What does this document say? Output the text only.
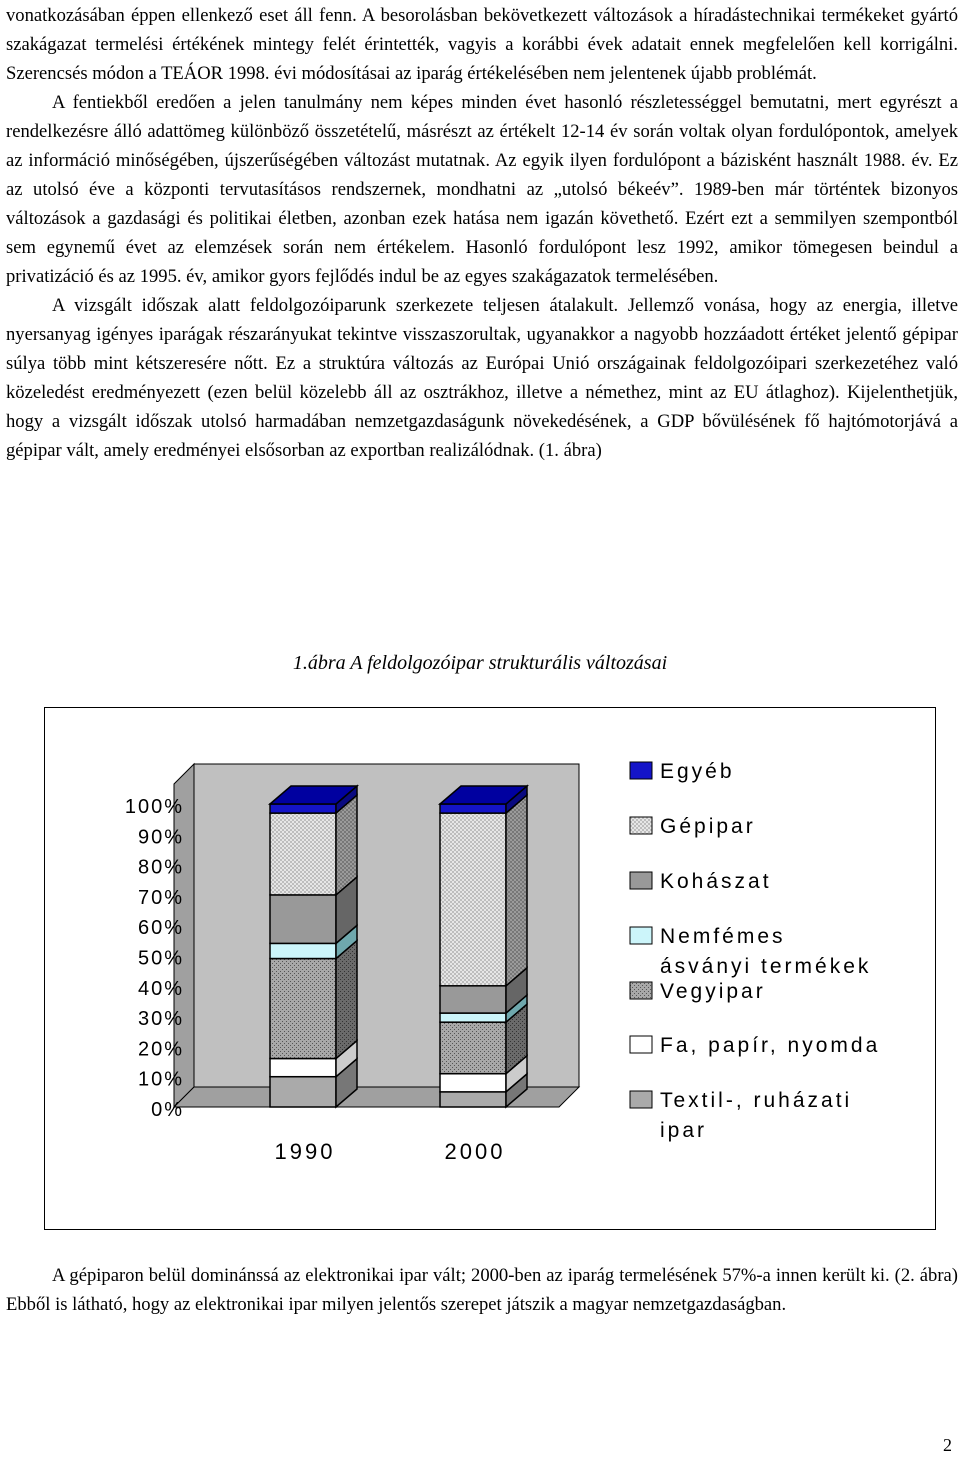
vonatkozásában éppen ellenkező eset áll fenn. A besorolásban bekövetkezett változások a híradástechnikai termékeket gyártó szakágazat termelési értékének mintegy felét érintették, vagyis a korábbi évek adatait ennek megfelelően kell korrigálni. Szerencsés módon a TEÁOR 1998. évi módosításai az iparág értékelésében nem jelentenek újabb problémát.

A fentiekből eredően a jelen tanulmány nem képes minden évet hasonló részletességgel bemutatni, mert egyrészt a rendelkezésre álló adattömeg különböző összetételű, másrészt az értékelt 12-14 év során voltak olyan fordulópontok, amelyek az információ minőségében, újszerűségében változást mutatnak. Az egyik ilyen fordulópont a bázisként használt 1988. év. Ez az utolsó éve a központi tervutasításos rendszernek, mondhatni az „utolsó békeév”. 1989-ben már történtek bizonyos változások a gazdasági és politikai életben, azonban ezek hatása nem igazán követhető. Ezért ezt a semmilyen szempontból sem egynemű évet az elemzések során nem értékelem. Hasonló fordulópont lesz 1992, amikor tömegesen beindul a privatizáció és az 1995. év, amikor gyors fejlődés indul be az egyes szakágazatok termelésében.

A vizsgált időszak alatt feldolgozóiparunk szerkezete teljesen átalakult. Jellemző vonása, hogy az energia, illetve nyersanyag igényes iparágak részarányukat tekintve visszaszorultak, ugyanakkor a nagyobb hozzáadott értéket jelentő gépipar súlya több mint kétszeresére nőtt. Ez a struktúra változás az Európai Unió országainak feldolgozóipari szerkezetéhez való közeledést eredményezett (ezen belül közelebb áll az osztrákhoz, illetve a némethez, mint az EU átlaghoz). Kijelenthetjük, hogy a vizsgált időszak utolsó harmadában nemzetgazdaságunk növekedésének, a GDP bővülésének fő hajtómotorjává a gépipar vált, amely eredményei elsősorban az exportban realizálódnak. (1. ábra)

1.ábra A feldolgozóipar strukturális változásai
0%
10%
20%
30%
40%
50%
60%
70%
80%
90%
100%
1990	2000
Egyéb
Gépipar
Kohászat
Nemfémes
ásványi termékek
Vegyipar
Fa, papír, nyomda
Textil-, ruházati
ipar

A gépiparon belül dominánssá az elektronikai ipar vált; 2000-ben az iparág termelésének 57%-a innen került ki. (2. ábra) Ebből is látható, hogy az elektronikai ipar milyen jelentős szerepet játszik a magyar nemzetgazdaságban.

2
